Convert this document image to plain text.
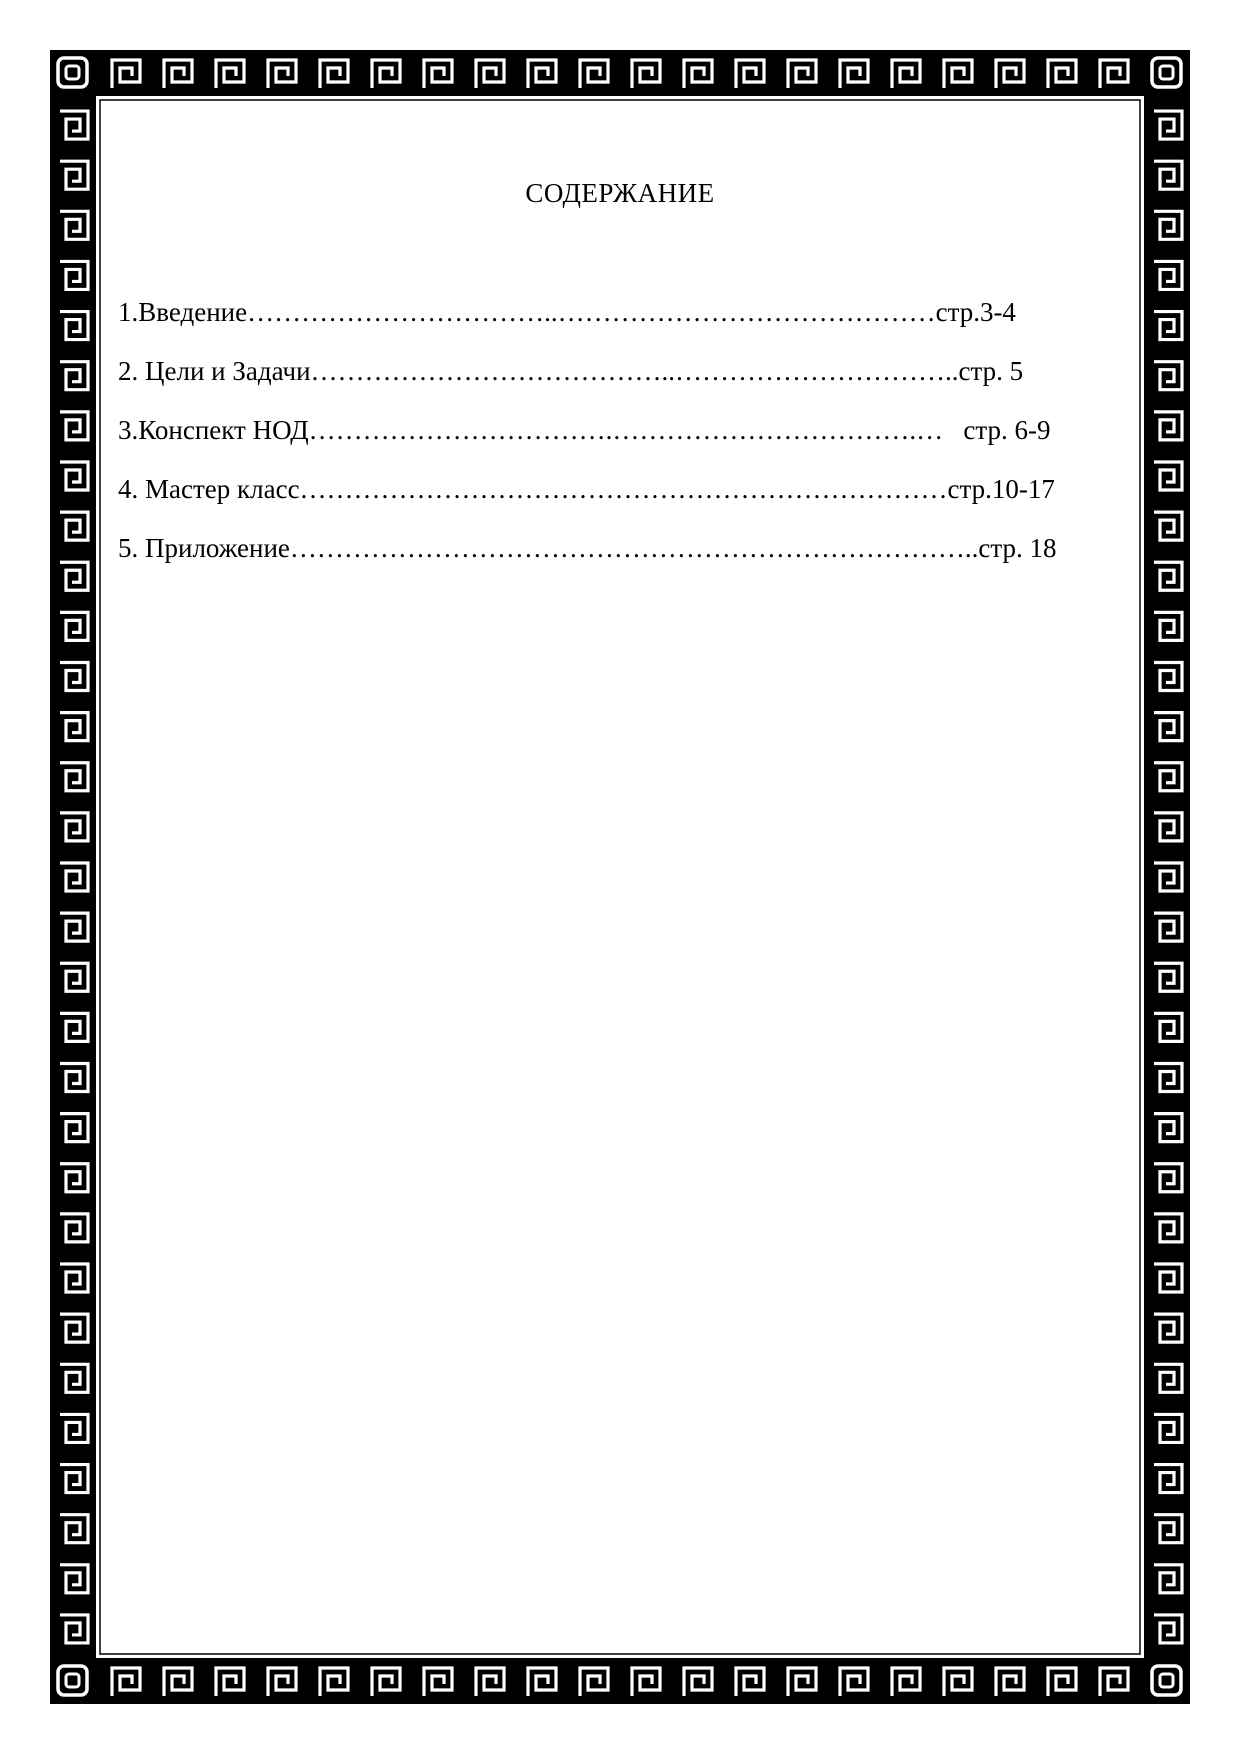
СОДЕРЖАНИЕ
1.Введение……………………………..……………………………………стр.3-4
2. Цели и Задачи…………………………………..…………………………..стр. 5
3.Конспект НОД…………………………….…………………………….…   стр. 6-9
4. Мастер класс………………………………………………………………стр.10-17
5. Приложение…………………………………………………………………..стр. 18
